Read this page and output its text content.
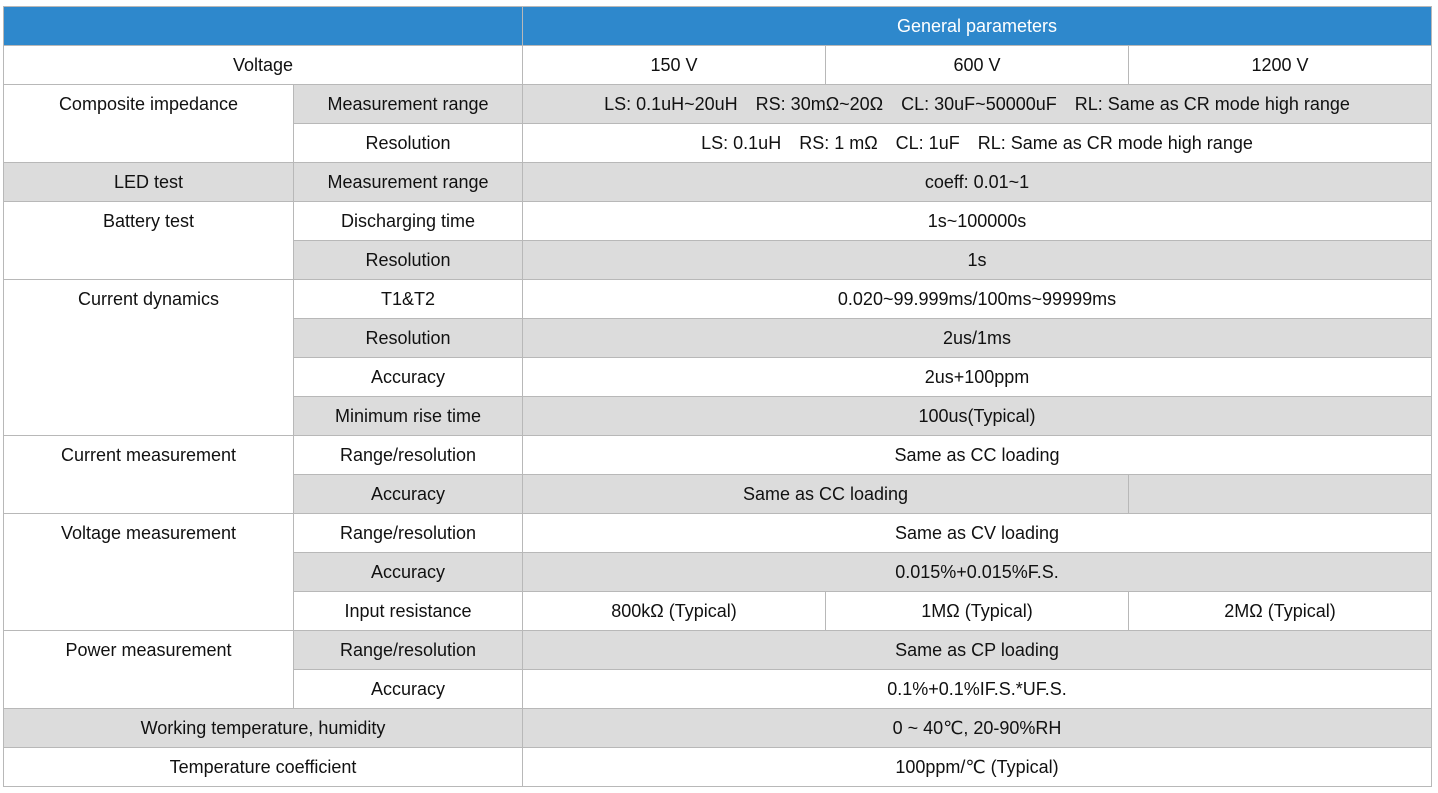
		General parameters		
Voltage		150 V	600 V	1200 V
Composite impedance	Measurement range	LS: 0.1uH~20uH RS: 30mΩ~20Ω CL: 30uF~50000uF RL: Same as CR mode high range		
	Resolution	LS: 0.1uH RS: 1 mΩ CL: 1uF RL: Same as CR mode high range		
LED test	Measurement range	coeff: 0.01~1		
Battery test	Discharging time	1s~100000s		
	Resolution	1s		
Current dynamics	T1&T2	0.020~99.999ms/100ms~99999ms		
	Resolution	2us/1ms		
	Accuracy	2us+100ppm		
	Minimum rise time	100us(Typical)		
Current measurement	Range/resolution	Same as CC loading		
	Accuracy	Same as CC loading		
Voltage measurement	Range/resolution	Same as CV loading		
	Accuracy	0.015%+0.015%F.S.		
	Input resistance	800kΩ (Typical)	1MΩ (Typical)	2MΩ (Typical)
Power measurement	Range/resolution	Same as CP loading		
	Accuracy	0.1%+0.1%IF.S.*UF.S.		
Working temperature, humidity		0 ~ 40℃, 20-90%RH		
Temperature coefficient		100ppm/℃ (Typical)		
